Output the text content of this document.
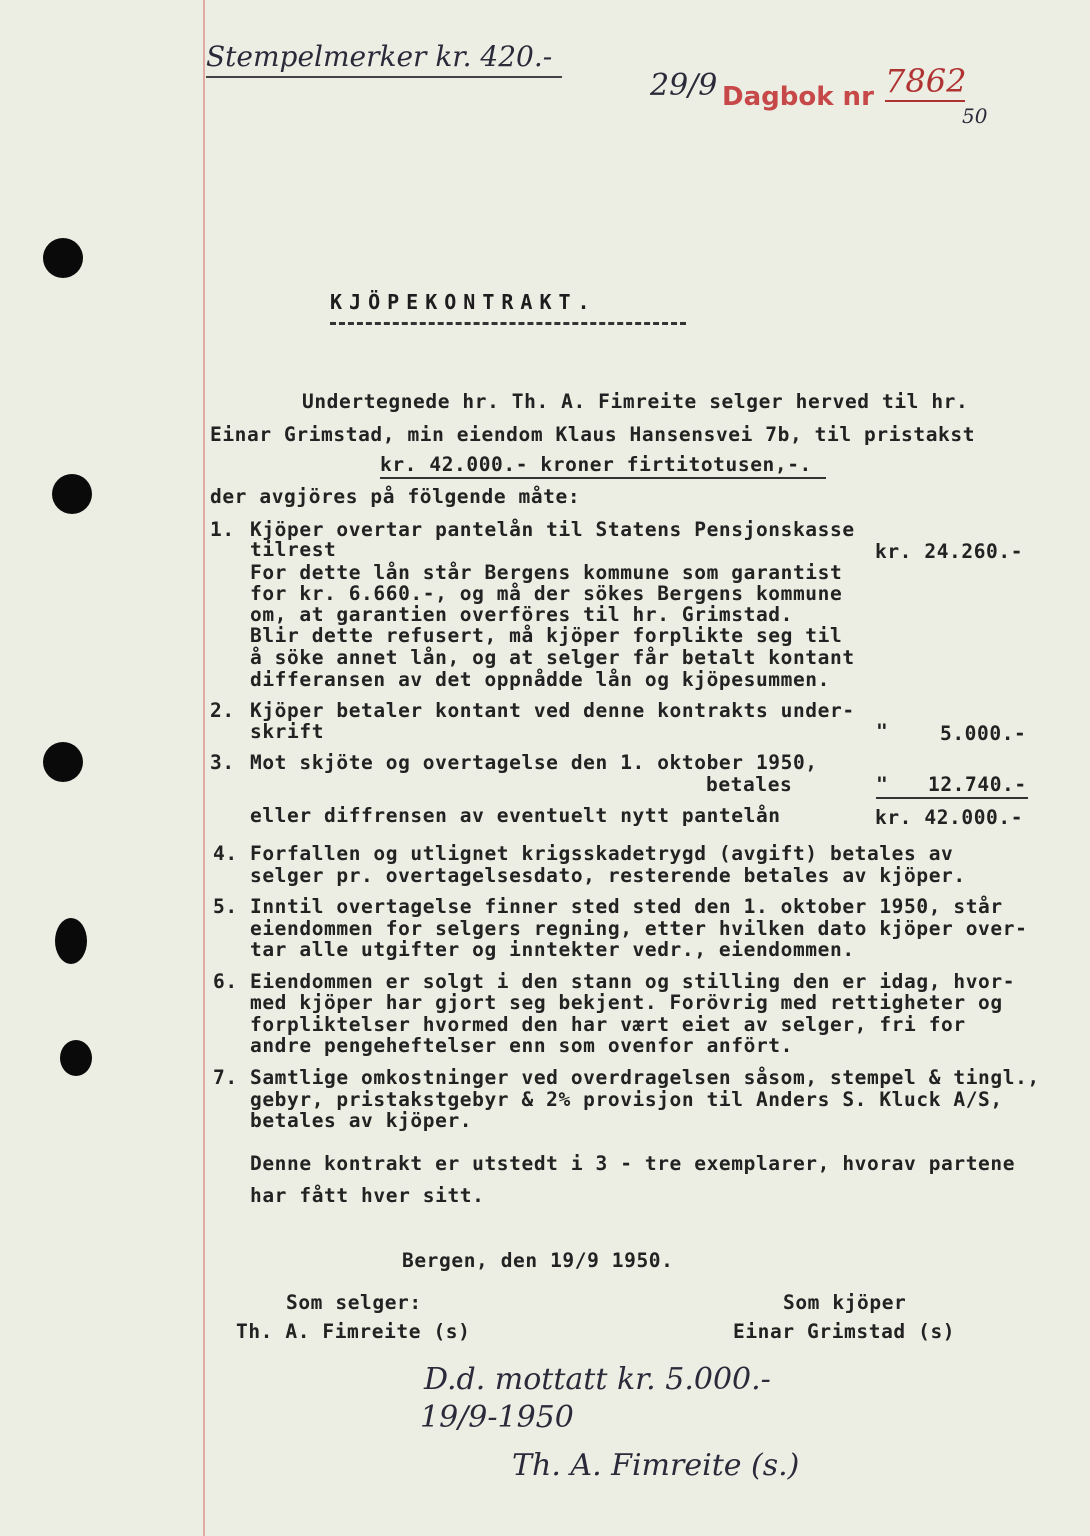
Stempelmerker kr. 420.-
29/9 Dagbok nr 7862
50
KJÖPEKONTRAKT.
Undertegnede hr. Th. A. Fimreite selger herved til hr.
Einar Grimstad, min eiendom Klaus Hansensvei 7b, til pristakst
kr. 42.000.- kroner firtitotusen,-.
der avgjöres på fölgende måte:
1. Kjöper overtar pantelån til Statens Pensjonskasse
tilrest	kr. 24.260.-
For dette lån står Bergens kommune som garantist
for kr. 6.660.-, og må der sökes Bergens kommune
om, at garantien overföres til hr. Grimstad.
Blir dette refusert, må kjöper forplikte seg til
å söke annet lån, og at selger får betalt kontant
differansen av det oppnådde lån og kjöpesummen.
2. Kjöper betaler kontant ved denne kontrakts under-
skrift	"	5.000.-
3. Mot skjöte og overtagelse den 1. oktober 1950,
betales	" 12.740.-
eller diffrensen av eventuelt nytt pantelån	kr. 42.000.-
4. Forfallen og utlignet krigsskadetrygd (avgift) betales av
selger pr. overtagelsesdato, resterende betales av kjöper.
5. Inntil overtagelse finner sted sted den 1. oktober 1950, står
eiendommen for selgers regning, etter hvilken dato kjöper over-
tar alle utgifter og inntekter vedr., eiendommen.
6. Eiendommen er solgt i den stann og stilling den er idag, hvor-
med kjöper har gjort seg bekjent. Forövrig med rettigheter og
forpliktelser hvormed den har vært eiet av selger, fri for
andre pengeheftelser enn som ovenfor anfört.
7. Samtlige omkostninger ved overdragelsen såsom, stempel & tingl.,
gebyr, pristakstgebyr & 2% provisjon til Anders S. Kluck A/S,
betales av kjöper.
Denne kontrakt er utstedt i 3 - tre exemplarer, hvorav partene
har fått hver sitt.
Bergen, den 19/9 1950.
Som selger:
Th. A. Fimreite (s)
Som kjöper
Einar Grimstad (s)
D.d. mottatt kr. 5.000.-
19/9-1950
Th. A. Fimreite (s.)
